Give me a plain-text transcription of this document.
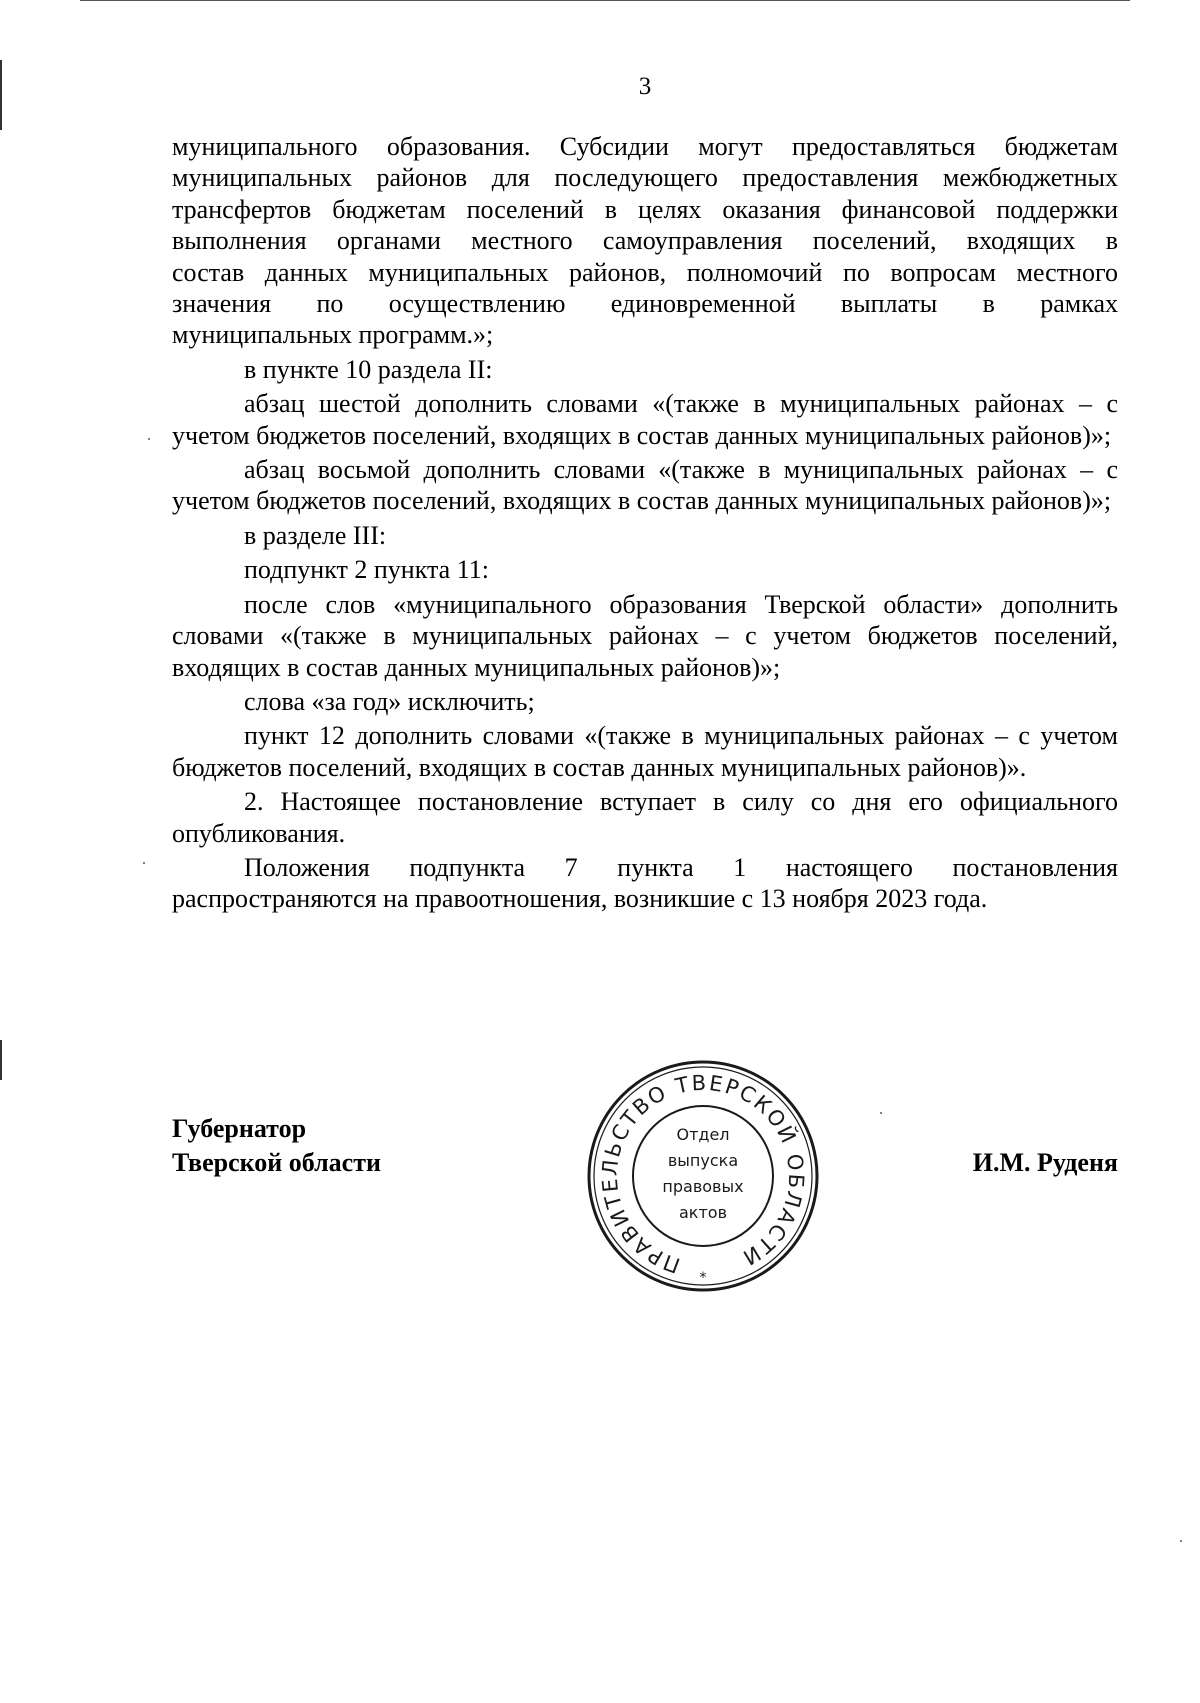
3

муниципального образования. Субсидии могут предоставляться бюджетам

муниципальных районов для последующего предоставления межбюджетных

трансфертов бюджетам поселений в целях оказания финансовой поддержки

выполнения органами местного самоуправления поселений, входящих в

состав данных муниципальных районов, полномочий по вопросам местного

значения по осуществлению единовременной выплаты в рамках

муниципальных программ.»;

в пункте 10 раздела II:

абзац шестой дополнить словами «(также в муниципальных районах – с учетом бюджетов поселений, входящих в состав данных муниципальных районов)»;

абзац восьмой дополнить словами «(также в муниципальных районах – с учетом бюджетов поселений, входящих в состав данных муниципальных районов)»;

в разделе III:

подпункт 2 пункта 11:

после слов «муниципального образования Тверской области» дополнить словами «(также в муниципальных районах – с учетом бюджетов поселений, входящих в состав данных муниципальных районов)»;

слова «за год» исключить;

пункт 12 дополнить словами «(также в муниципальных районах – с учетом бюджетов поселений, входящих в состав данных муниципальных районов)».

2. Настоящее постановление вступает в силу со дня его официального опубликования.

Положения подпункта 7 пункта 1 настоящего постановления распространяются на правоотношения, возникшие с 13 ноября 2023 года.

Губернатор
Тверской области
ПРАВИТЕЛЬСТВО ТВЕРСКОЙ ОБЛАСТИ
*
Отдел
выпуска
правовых
актов
И.М. Руденя
